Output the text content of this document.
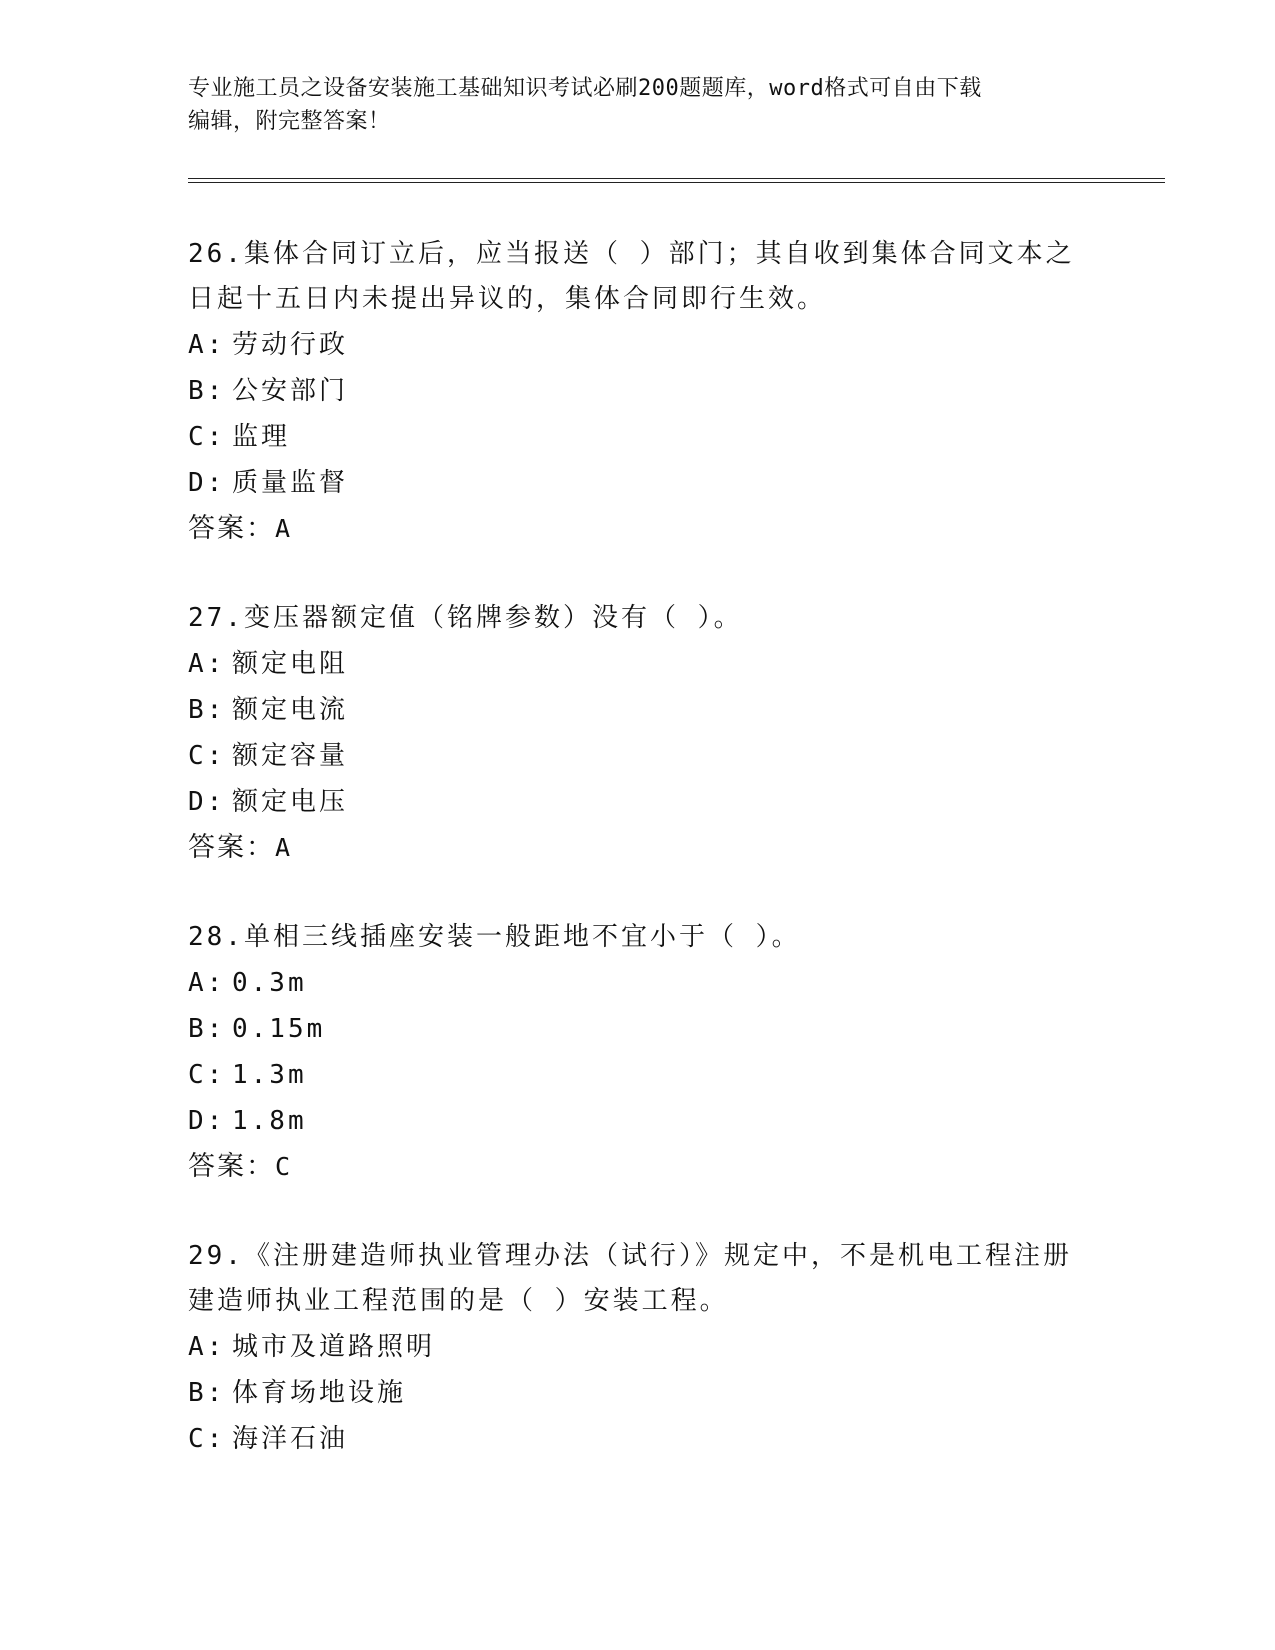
专业施工员之设备安装施工基础知识考试必刷200题题库，word格式可自由下载
编辑，附完整答案！

26.集体合同订立后，应当报送（ ）部门；其自收到集体合同文本之
日起十五日内未提出异议的，集体合同即行生效。

A: 劳动行政

B: 公安部门

C: 监理

D: 质量监督

答案：A

27.变压器额定值（铭牌参数）没有（ ）。

A: 额定电阻

B: 额定电流

C: 额定容量

D: 额定电压

答案：A

28.单相三线插座安装一般距地不宜小于（ ）。

A: 0.3m

B: 0.15m

C: 1.3m

D: 1.8m

答案：C

29.《注册建造师执业管理办法（试行）》规定中，不是机电工程注册
建造师执业工程范围的是（ ）安装工程。

A: 城市及道路照明

B: 体育场地设施

C: 海洋石油
